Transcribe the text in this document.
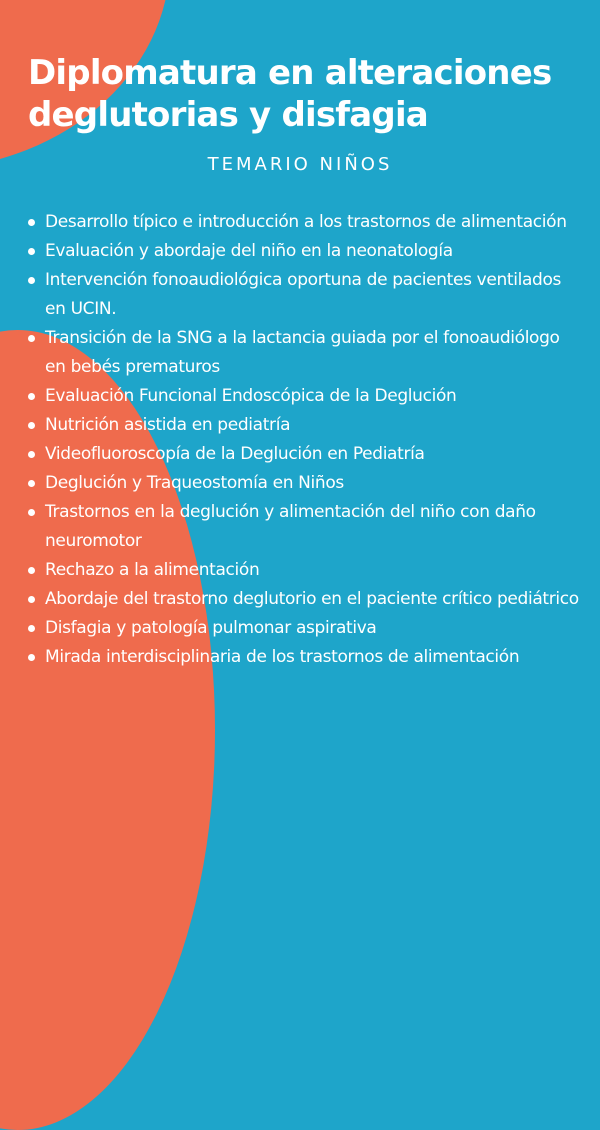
Diplomatura en alteraciones
deglutorias y disfagia
TEMARIO NIÑOS
Desarrollo típico e introducción a los trastornos de alimentación
Evaluación y abordaje del niño en la neonatología
Intervención fonoaudiológica oportuna de pacientes ventilados en UCIN.
Transición de la SNG a la lactancia guiada por el fonoaudiólogo en bebés prematuros
Evaluación Funcional Endoscópica de la Deglución
Nutrición asistida en pediatría
Videofluoroscopía de la Deglución en Pediatría
Deglución y Traqueostomía en Niños
Trastornos en la deglución y alimentación del niño con daño neuromotor
Rechazo a la alimentación
Abordaje del trastorno deglutorio en el paciente crítico pediátrico
Disfagia y patología pulmonar aspirativa
Mirada interdisciplinaria de los trastornos de alimentación
